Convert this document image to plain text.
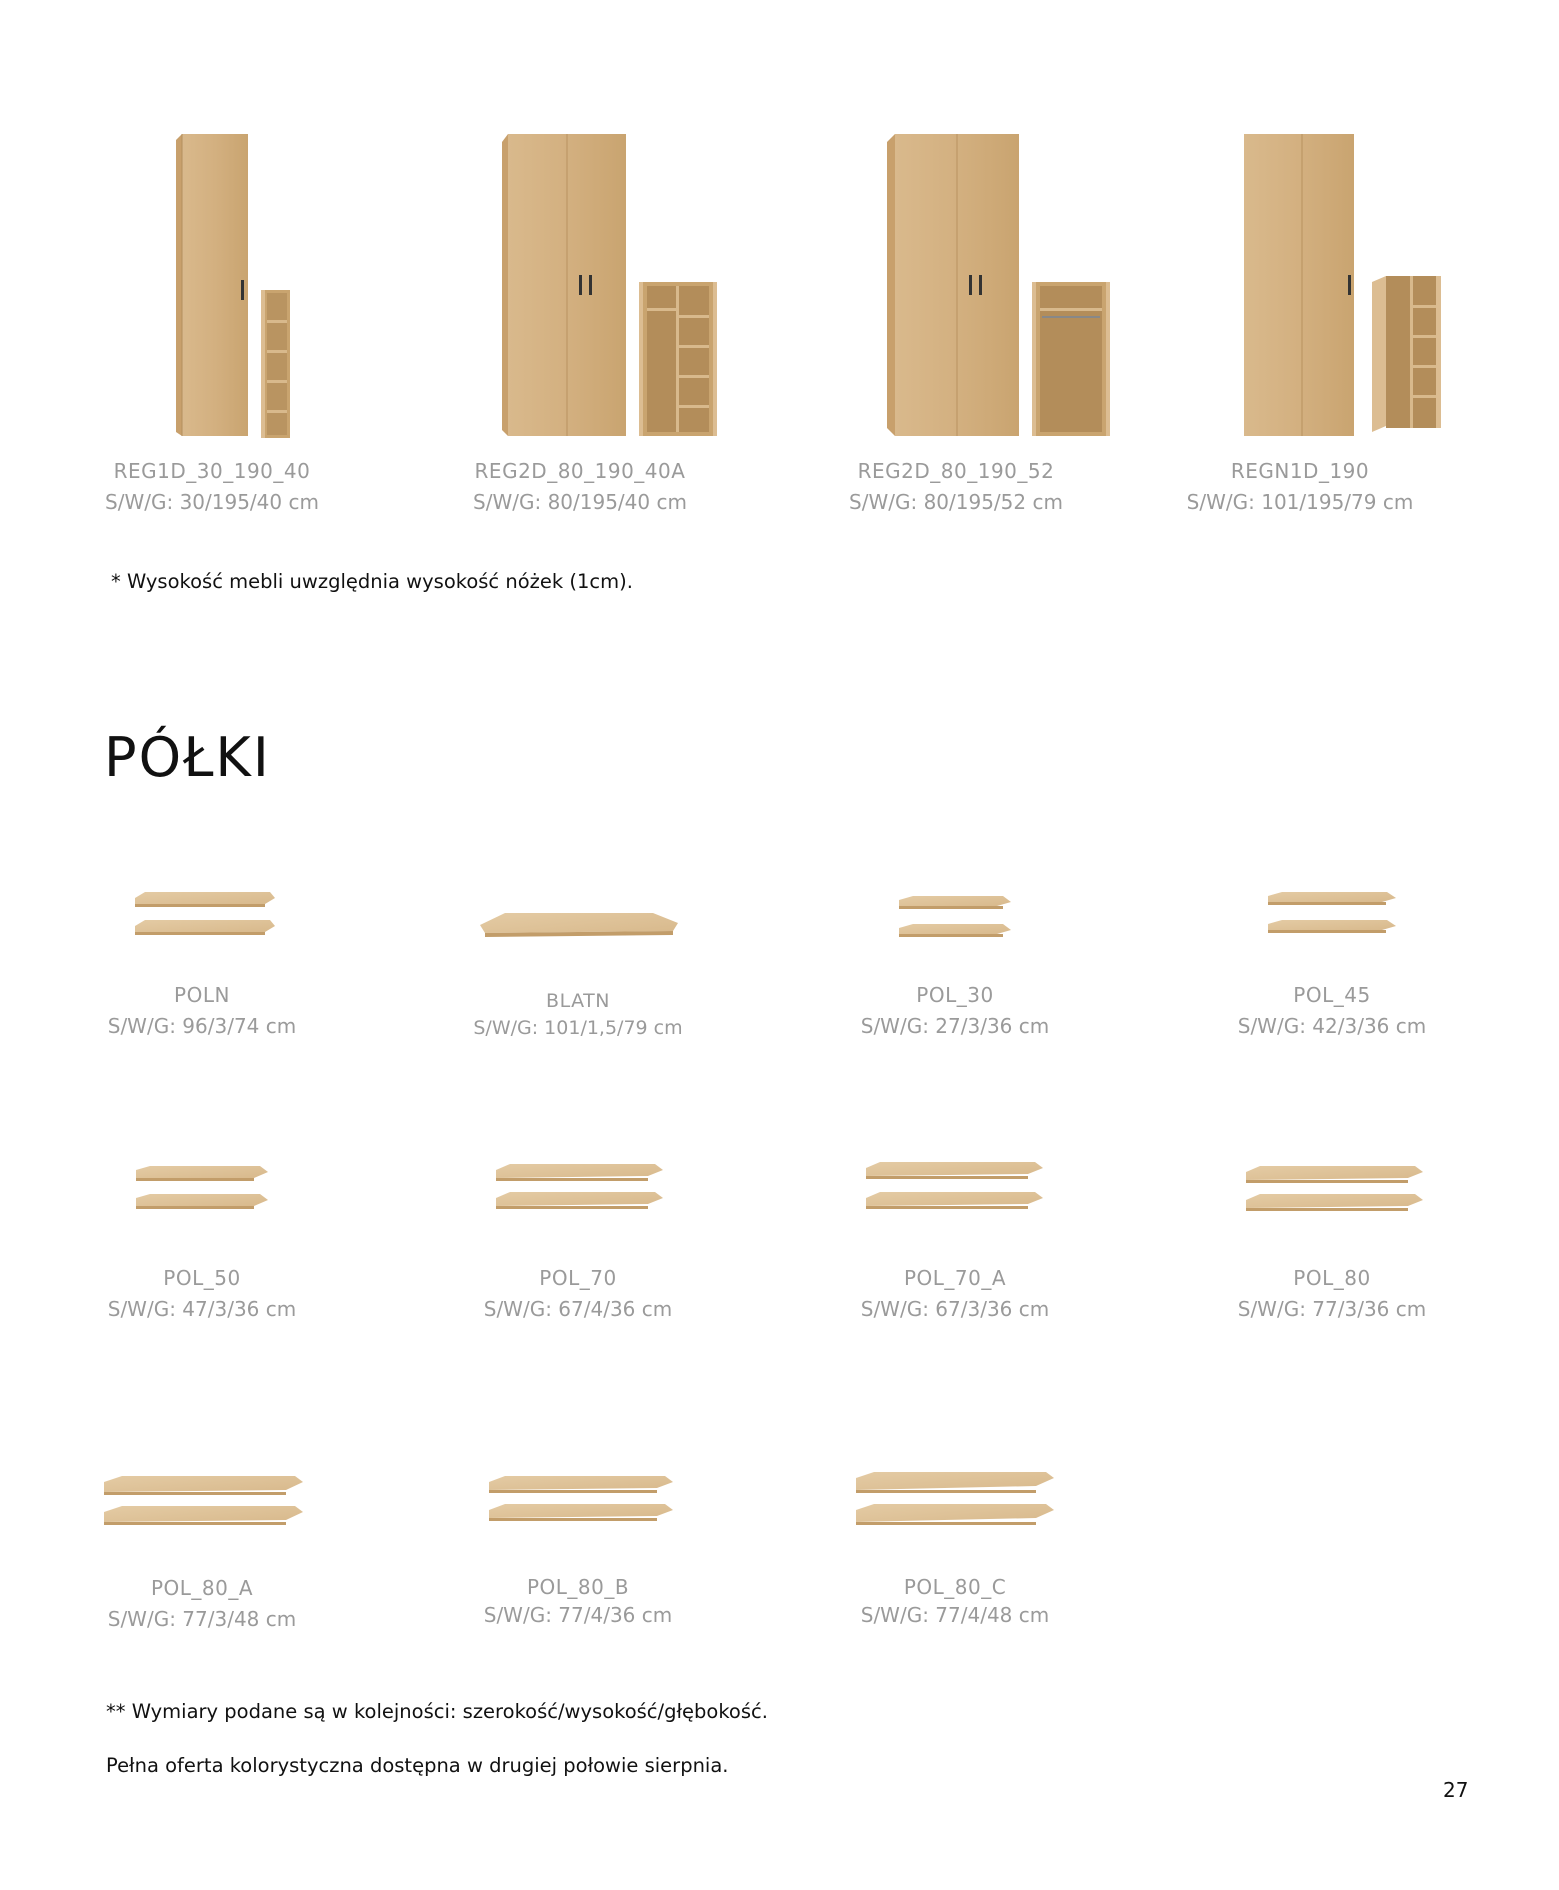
REG1D_30_190_40
S/W/G: 30/195/40 cm
REG2D_80_190_40A
S/W/G: 80/195/40 cm
REG2D_80_190_52
S/W/G: 80/195/52 cm
REGN1D_190
S/W/G: 101/195/79 cm
* Wysokość mebli uwzględnia wysokość nóżek (1cm).
PÓŁKI
POLN
S/W/G: 96/3/74 cm
BLATN
S/W/G: 101/1,5/79 cm
POL_30
S/W/G: 27/3/36 cm
POL_45
S/W/G: 42/3/36 cm
POL_50
S/W/G: 47/3/36 cm
POL_70
S/W/G: 67/4/36 cm
POL_70_A
S/W/G: 67/3/36 cm
POL_80
S/W/G: 77/3/36 cm
POL_80_A
S/W/G: 77/3/48 cm
POL_80_B
S/W/G: 77/4/36 cm
POL_80_C
S/W/G: 77/4/48 cm
** Wymiary podane są w kolejności: szerokość/wysokość/głębokość.
Pełna oferta kolorystyczna dostępna w drugiej połowie sierpnia.
27
